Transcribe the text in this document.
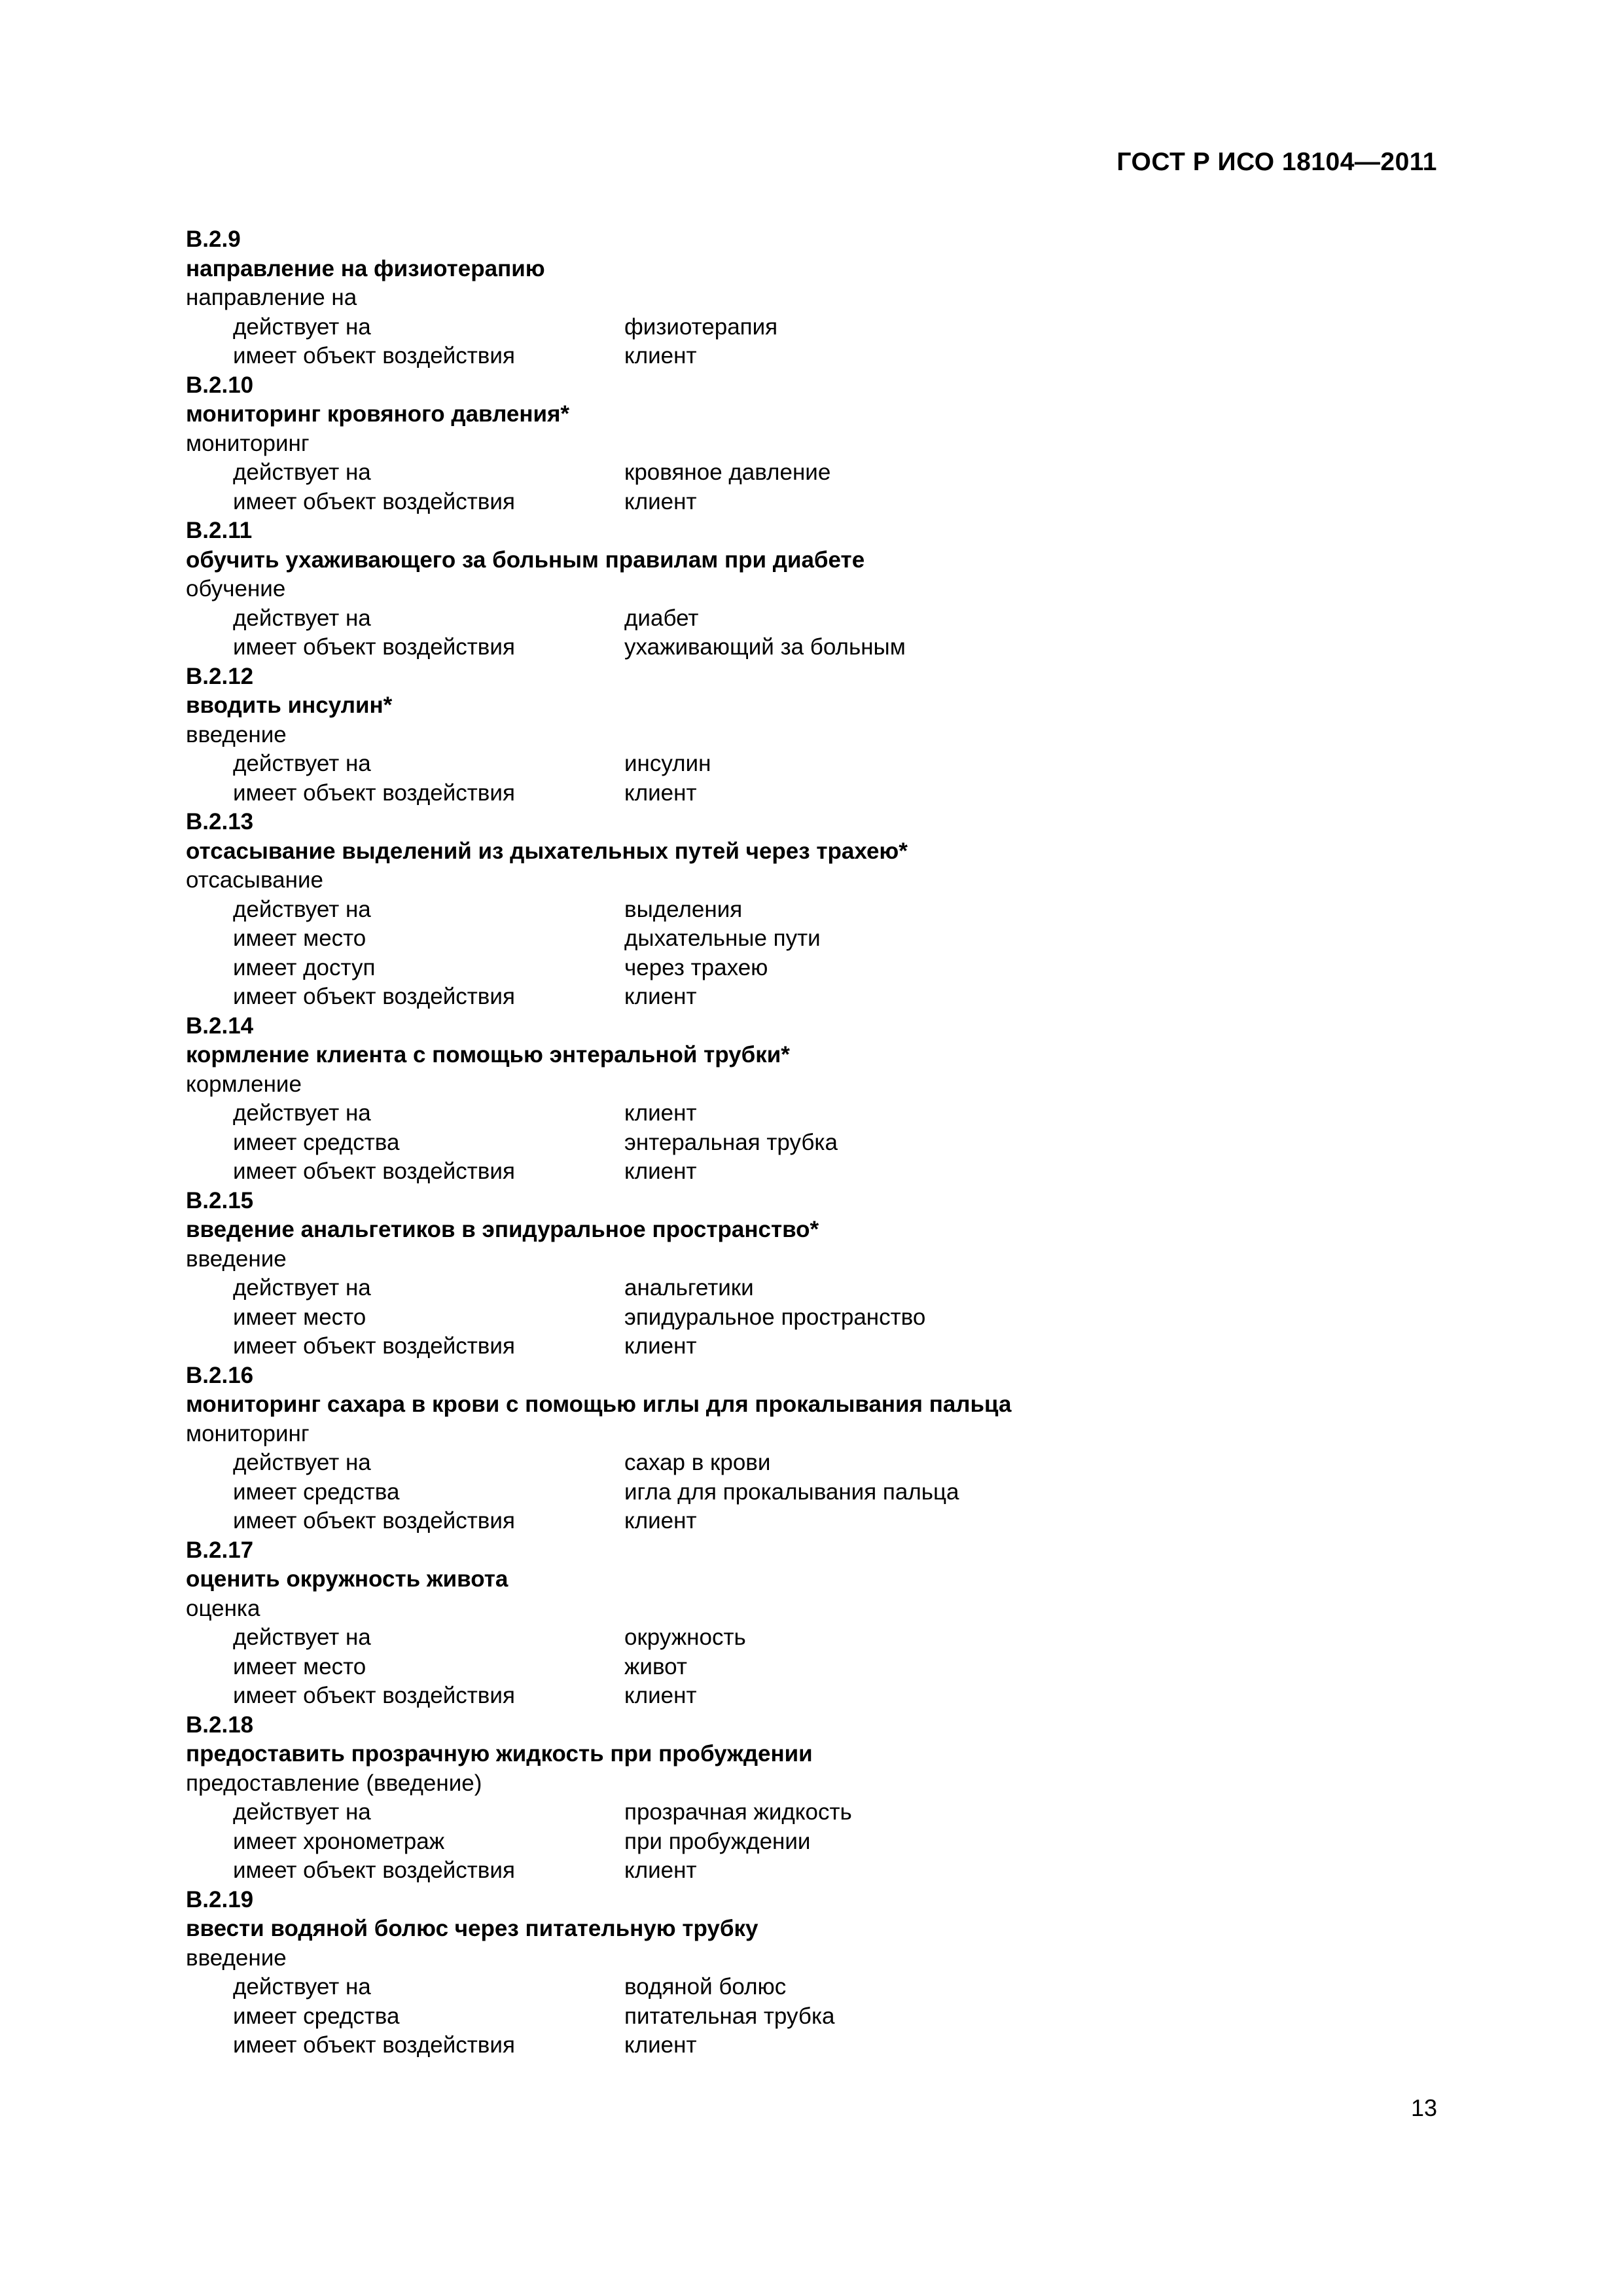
ГОСТ Р ИСО 18104—2011
B.2.9
направление на физиотерапию
направление на
действует на	физиотерапия
имеет объект воздействия	клиент
B.2.10
мониторинг кровяного давления*
мониторинг
действует на	кровяное давление
имеет объект воздействия	клиент
B.2.11
обучить ухаживающего за больным правилам при диабете
обучение
действует на	диабет
имеет объект воздействия	ухаживающий за больным
B.2.12
вводить инсулин*
введение
действует на	инсулин
имеет объект воздействия	клиент
B.2.13
отсасывание выделений из дыхательных путей через трахею*
отсасывание
действует на	выделения
имеет место	дыхательные пути
имеет доступ	через трахею
имеет объект воздействия	клиент
B.2.14
кормление клиента с помощью энтеральной трубки*
кормление
действует на	клиент
имеет средства	энтеральная трубка
имеет объект воздействия	клиент
B.2.15
введение анальгетиков в эпидуральное пространство*
введение
действует на	анальгетики
имеет место	эпидуральное пространство
имеет объект воздействия	клиент
B.2.16
мониторинг сахара в крови с помощью иглы для прокалывания пальца
мониторинг
действует на	сахар в крови
имеет средства	игла для прокалывания пальца
имеет объект воздействия	клиент
B.2.17
оценить окружность живота
оценка
действует на	окружность
имеет место	живот
имеет объект воздействия	клиент
B.2.18
предоставить прозрачную жидкость при пробуждении
предоставление (введение)
действует на	прозрачная жидкость
имеет хронометраж	при пробуждении
имеет объект воздействия	клиент
B.2.19
ввести водяной болюс через питательную трубку
введение
действует на	водяной болюс
имеет средства	питательная трубка
имеет объект воздействия	клиент
13
